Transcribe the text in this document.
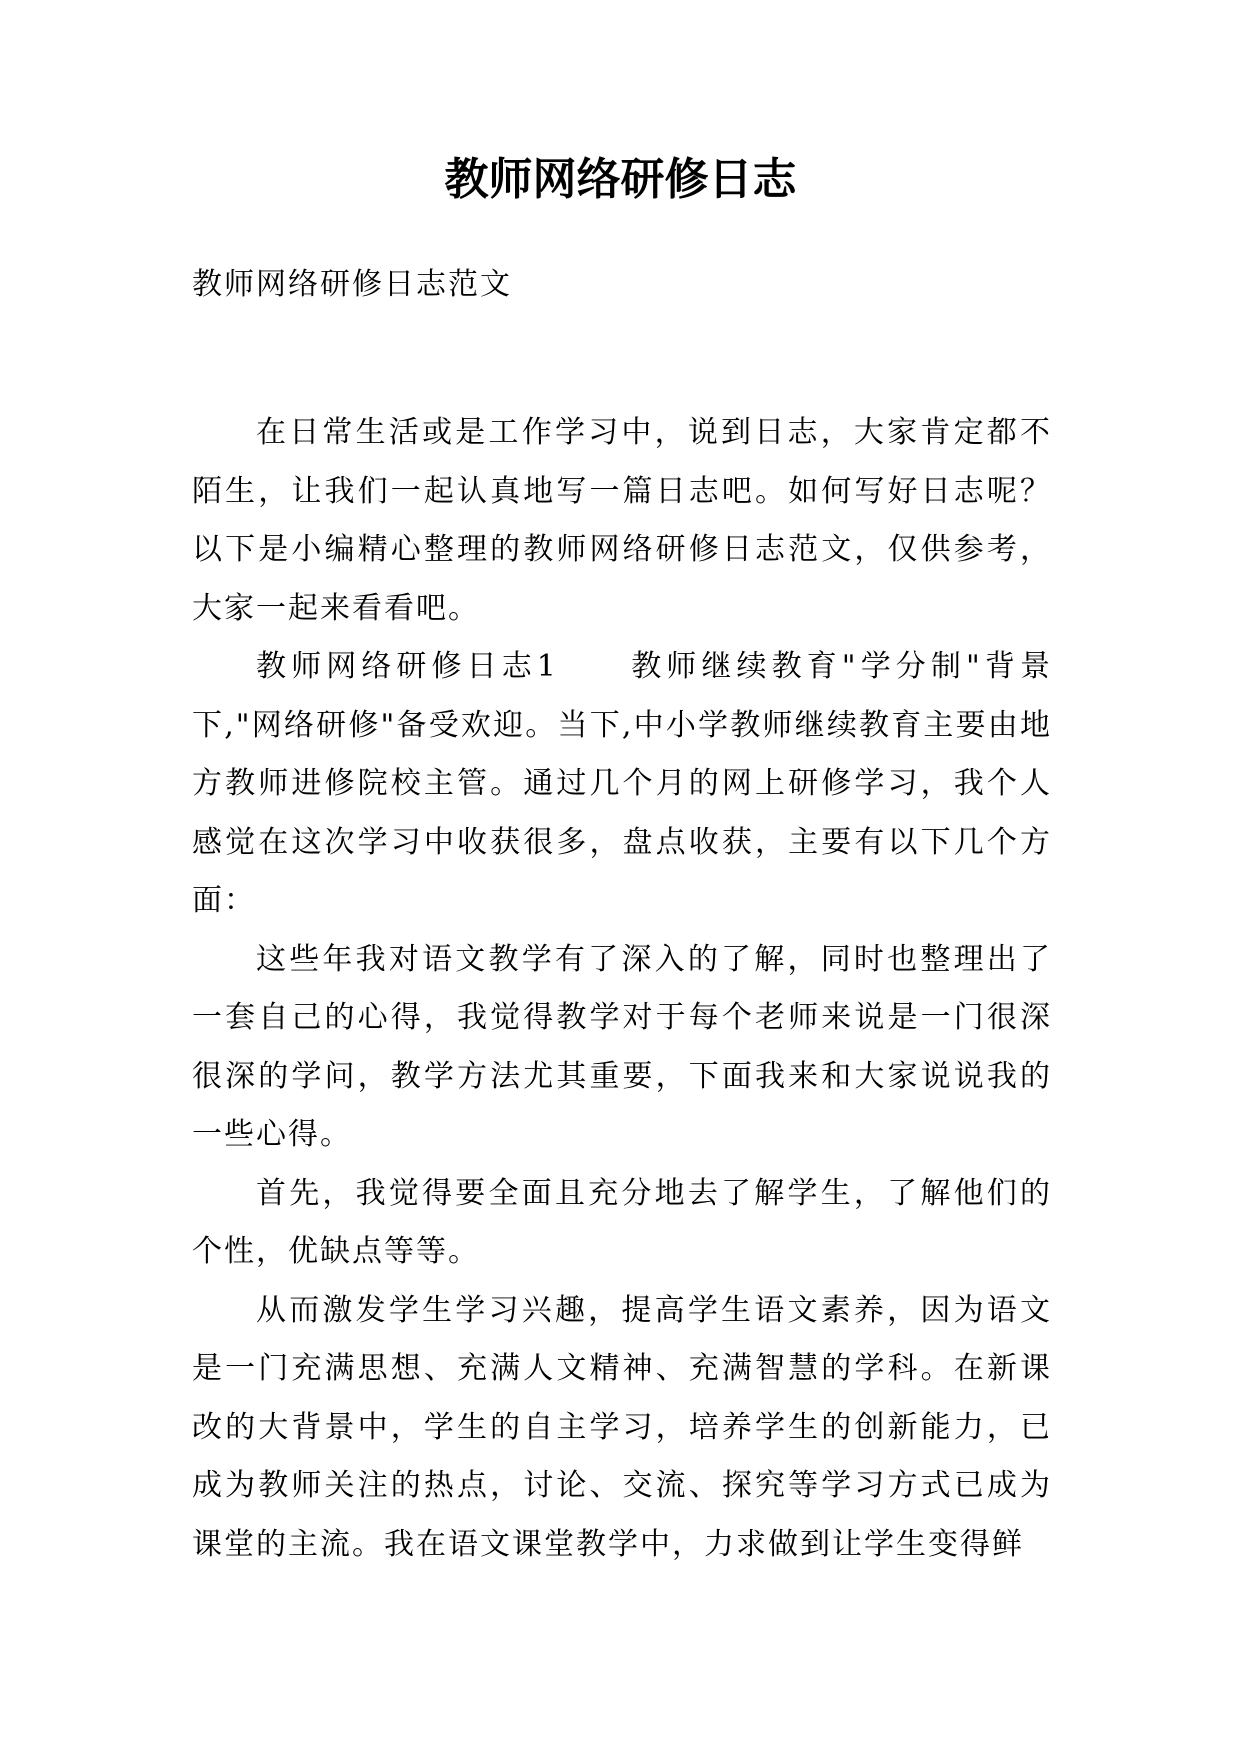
教师网络研修日志

教师网络研修日志范文

在日常生活或是工作学习中，说到日志，大家肯定都不陌生，让我们一起认真地写一篇日志吧。如何写好日志呢？以下是小编精心整理的教师网络研修日志范文，仅供参考，大家一起来看看吧。

教师网络研修日志1　　教师继续教育"学分制"背景下,"网络研修"备受欢迎。当下,中小学教师继续教育主要由地方教师进修院校主管。通过几个月的网上研修学习，我个人感觉在这次学习中收获很多，盘点收获，主要有以下几个方面：

这些年我对语文教学有了深入的了解，同时也整理出了一套自己的心得，我觉得教学对于每个老师来说是一门很深很深的学问，教学方法尤其重要，下面我来和大家说说我的一些心得。

首先，我觉得要全面且充分地去了解学生，了解他们的个性，优缺点等等。

从而激发学生学习兴趣，提高学生语文素养，因为语文是一门充满思想、充满人文精神、充满智慧的学科。在新课改的大背景中，学生的自主学习，培养学生的创新能力，已成为教师关注的热点，讨论、交流、探究等学习方式已成为课堂的主流。我在语文课堂教学中，力求做到让学生变得鲜
